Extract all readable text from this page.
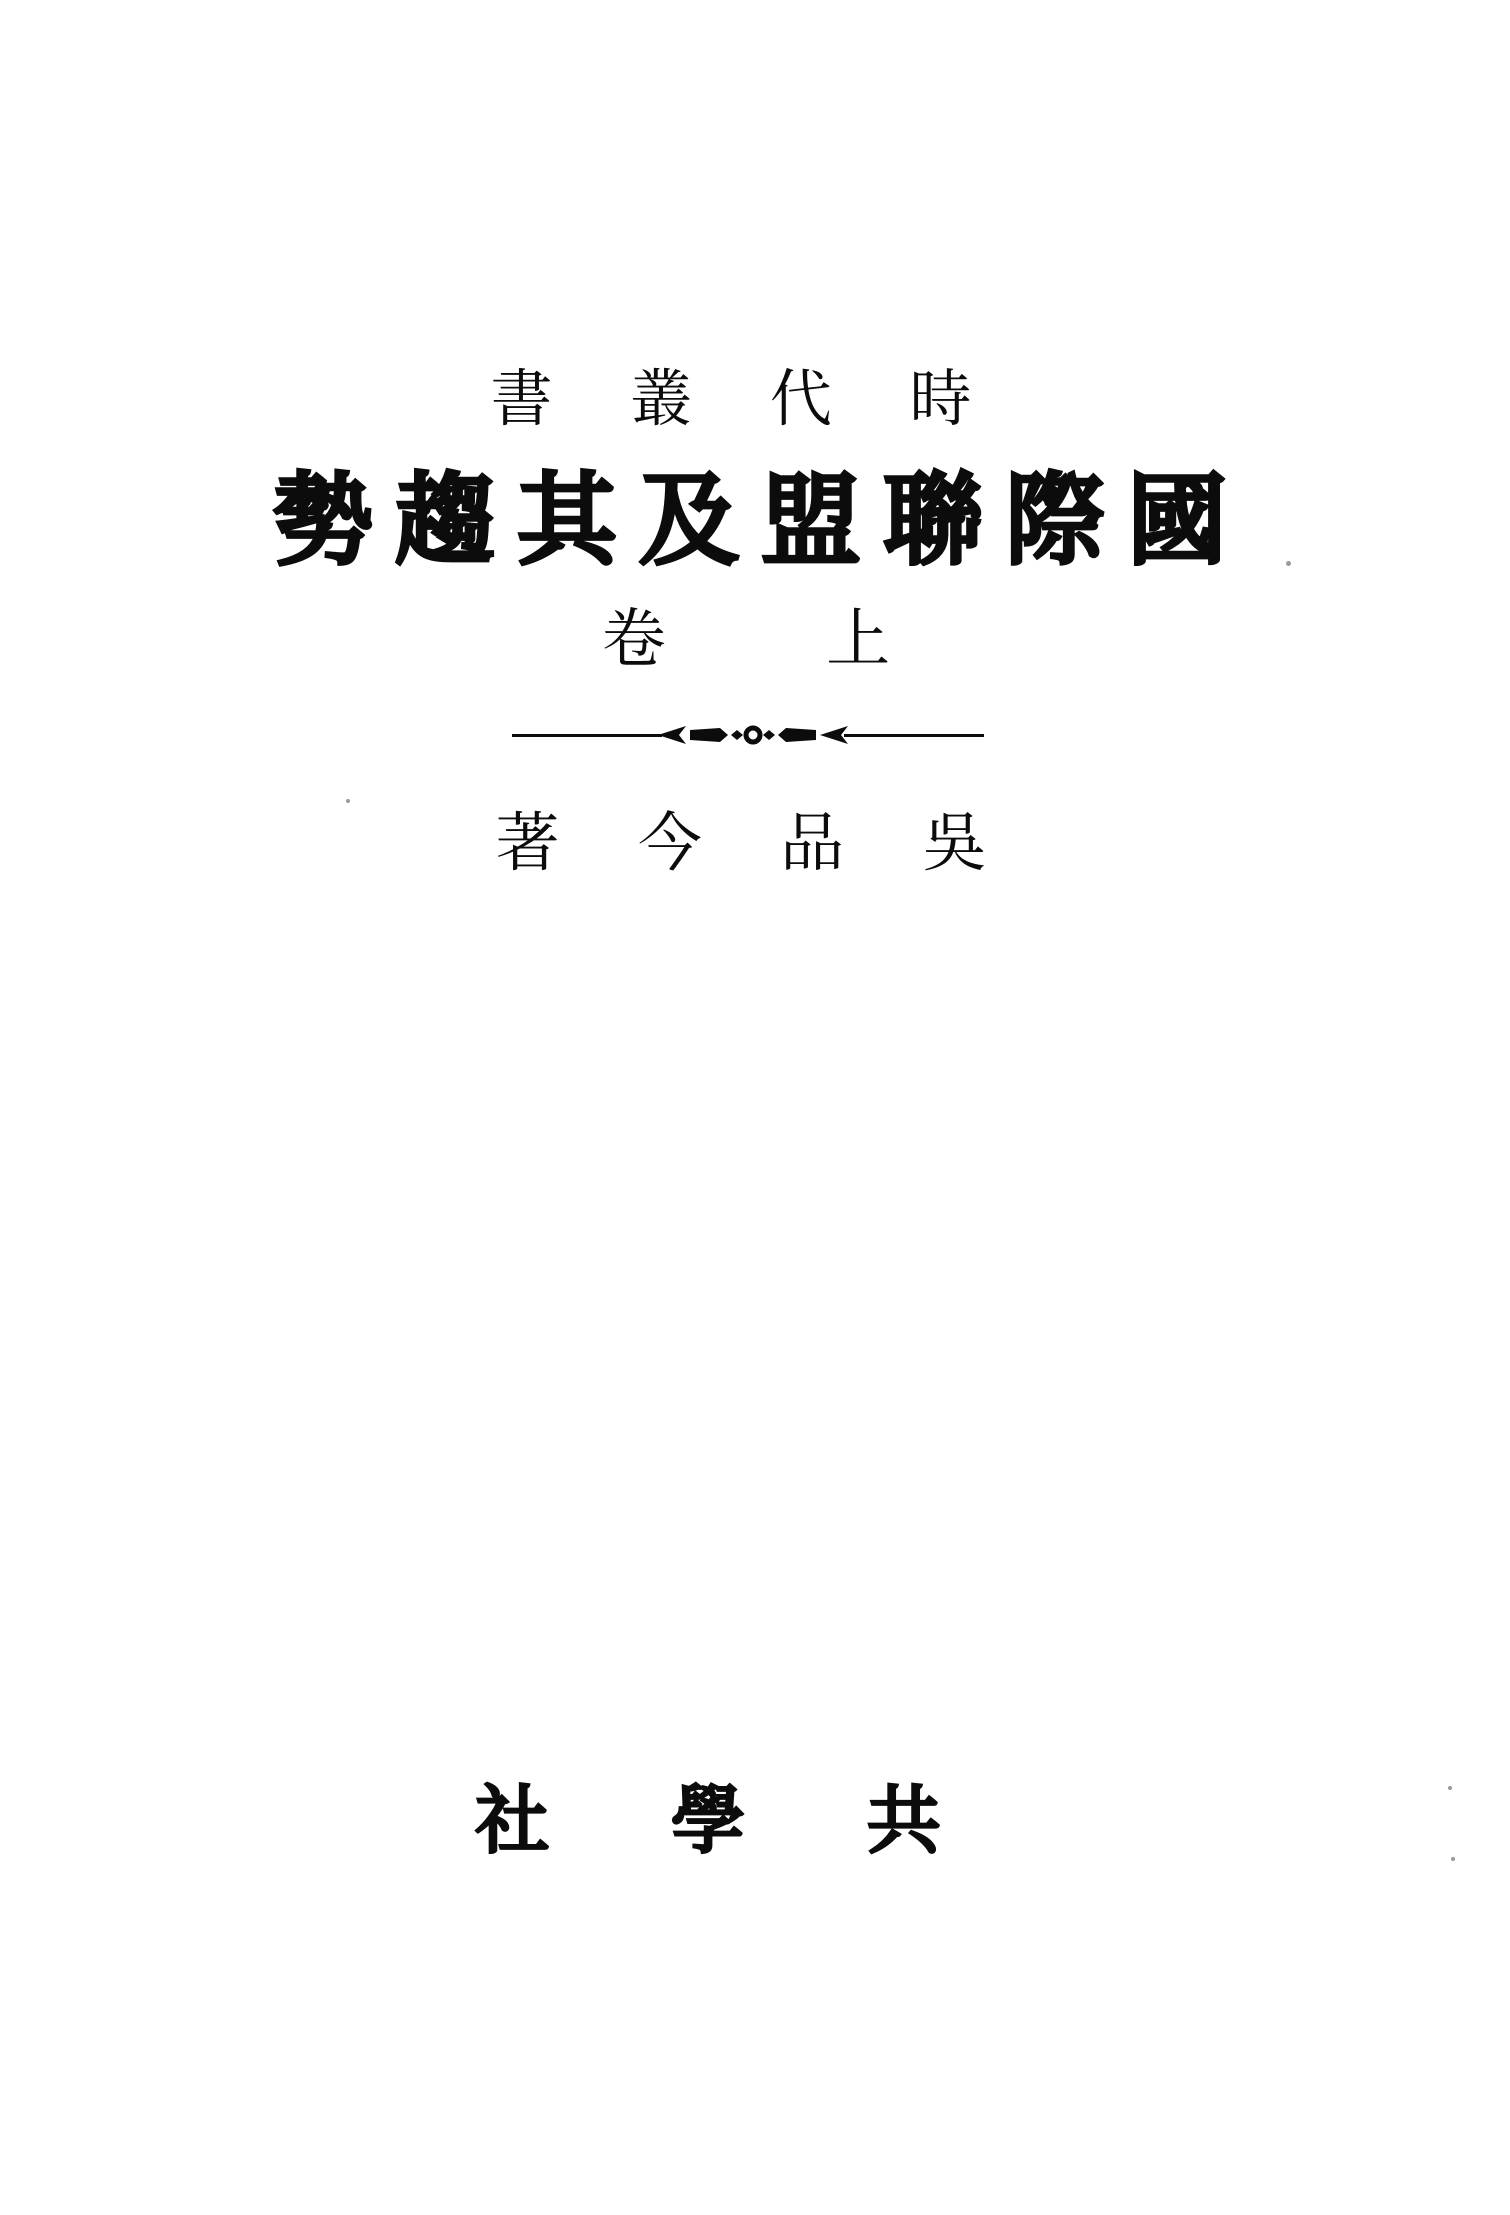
書 叢 代 時
勢趨其及盟聯際國
卷 上
著 今 品 吳
社 學 共
